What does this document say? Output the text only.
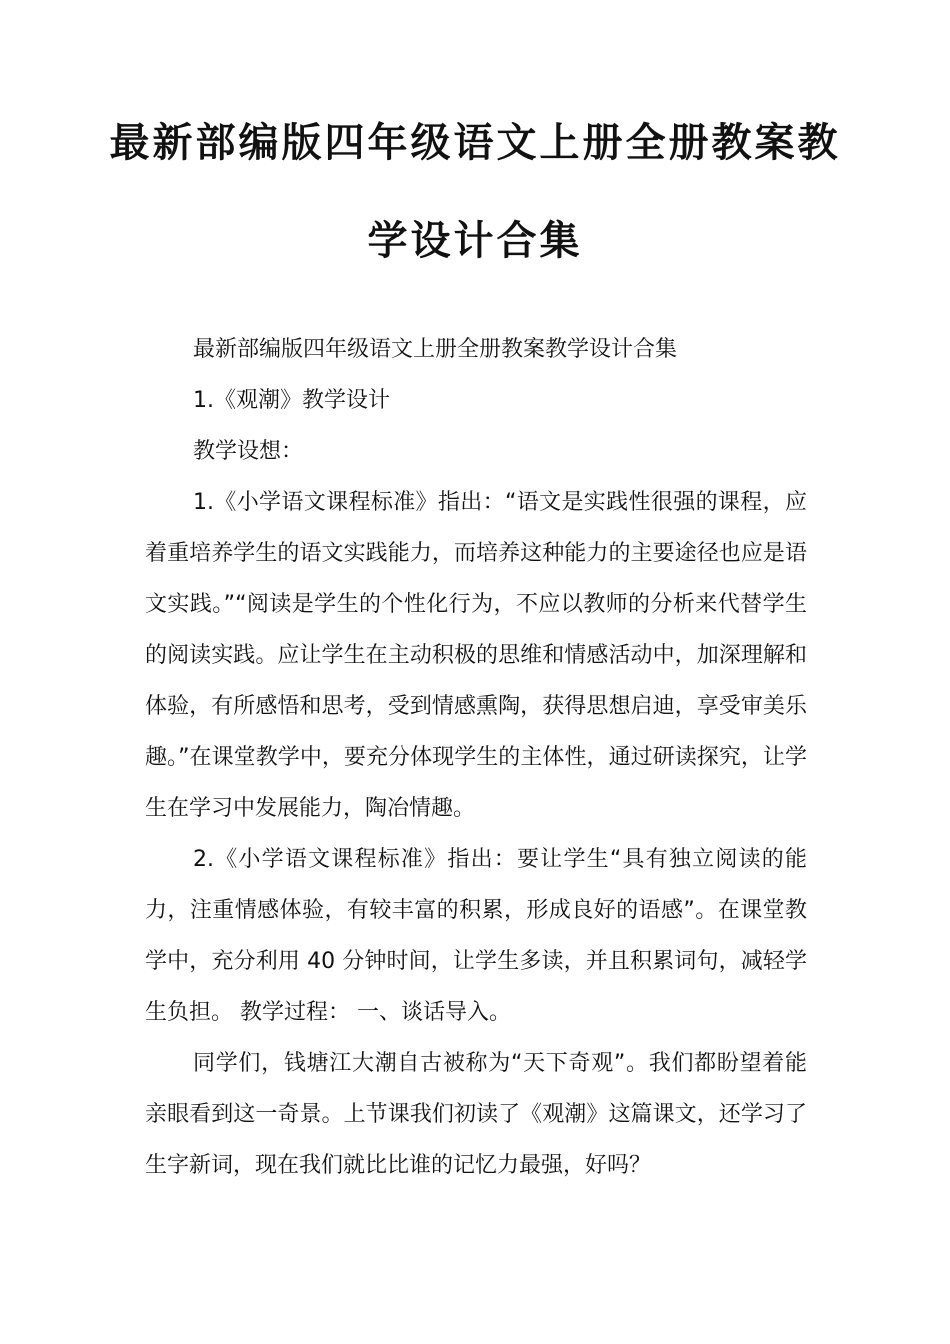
最新部编版四年级语文上册全册教案教
学设计合集

最新部编版四年级语文上册全册教案教学设计合集

1.《观潮》教学设计

教学设想：

1.《小学语文课程标准》指出：“语文是实践性很强的课程，应着重培养学生的语文实践能力，而培养这种能力的主要途径也应是语文实践。”“阅读是学生的个性化行为，不应以教师的分析来代替学生的阅读实践。应让学生在主动积极的思维和情感活动中，加深理解和体验，有所感悟和思考，受到情感熏陶，获得思想启迪，享受审美乐趣。”在课堂教学中，要充分体现学生的主体性，通过研读探究，让学生在学习中发展能力，陶冶情趣。

2.《小学语文课程标准》指出：要让学生“具有独立阅读的能力，注重情感体验，有较丰富的积累，形成良好的语感”。在课堂教学中，充分利用 40 分钟时间，让学生多读，并且积累词句，减轻学生负担。 教学过程： 一、谈话导入。

同学们，钱塘江大潮自古被称为“天下奇观”。我们都盼望着能亲眼看到这一奇景。上节课我们初读了《观潮》这篇课文，还学习了生字新词，现在我们就比比谁的记忆力最强，好吗？
